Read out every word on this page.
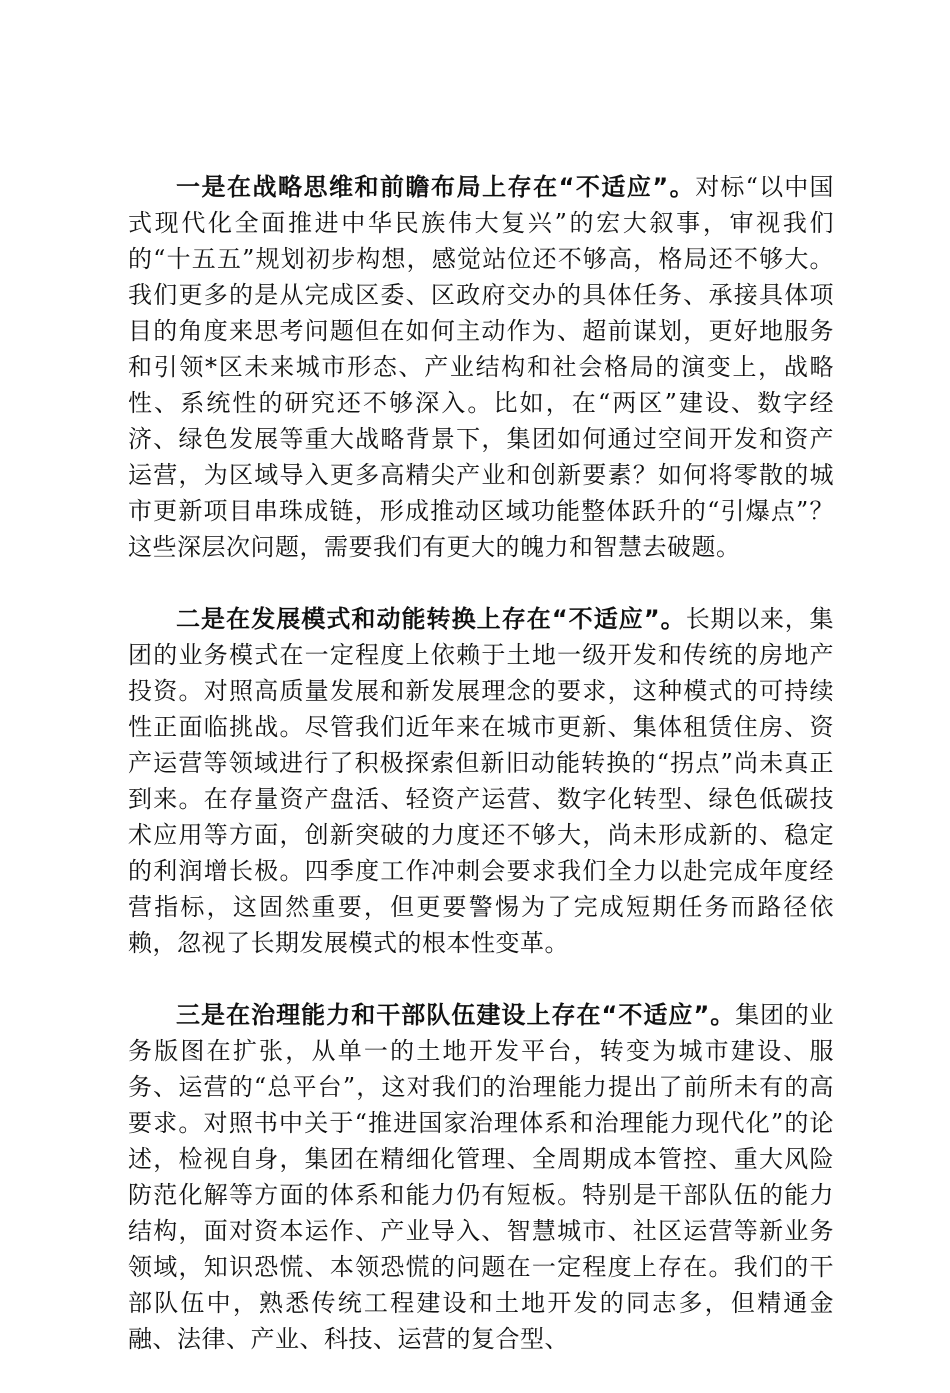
一是在战略思维和前瞻布局上存在“不适应”。对标“以中国式现代化全面推进中华民族伟大复兴”的宏大叙事，审视我们的“十五五”规划初步构想，感觉站位还不够高，格局还不够大。我们更多的是从完成区委、区政府交办的具体任务、承接具体项目的角度来思考问题但在如何主动作为、超前谋划，更好地服务和引领*区未来城市形态、产业结构和社会格局的演变上，战略性、系统性的研究还不够深入。比如，在“两区”建设、数字经济、绿色发展等重大战略背景下，集团如何通过空间开发和资产运营，为区域导入更多高精尖产业和创新要素？如何将零散的城市更新项目串珠成链，形成推动区域功能整体跃升的“引爆点”？这些深层次问题，需要我们有更大的魄力和智慧去破题。

二是在发展模式和动能转换上存在“不适应”。长期以来，集团的业务模式在一定程度上依赖于土地一级开发和传统的房地产投资。对照高质量发展和新发展理念的要求，这种模式的可持续性正面临挑战。尽管我们近年来在城市更新、集体租赁住房、资产运营等领域进行了积极探索但新旧动能转换的“拐点”尚未真正到来。在存量资产盘活、轻资产运营、数字化转型、绿色低碳技术应用等方面，创新突破的力度还不够大，尚未形成新的、稳定的利润增长极。四季度工作冲刺会要求我们全力以赴完成年度经营指标，这固然重要，但更要警惕为了完成短期任务而路径依赖，忽视了长期发展模式的根本性变革。

三是在治理能力和干部队伍建设上存在“不适应”。集团的业务版图在扩张，从单一的土地开发平台，转变为城市建设、服务、运营的“总平台”，这对我们的治理能力提出了前所未有的高要求。对照书中关于“推进国家治理体系和治理能力现代化”的论述，检视自身，集团在精细化管理、全周期成本管控、重大风险防范化解等方面的体系和能力仍有短板。特别是干部队伍的能力结构，面对资本运作、产业导入、智慧城市、社区运营等新业务领域，知识恐慌、本领恐慌的问题在一定程度上存在。我们的干部队伍中，熟悉传统工程建设和土地开发的同志多，但精通金融、法律、产业、科技、运营的复合型、
